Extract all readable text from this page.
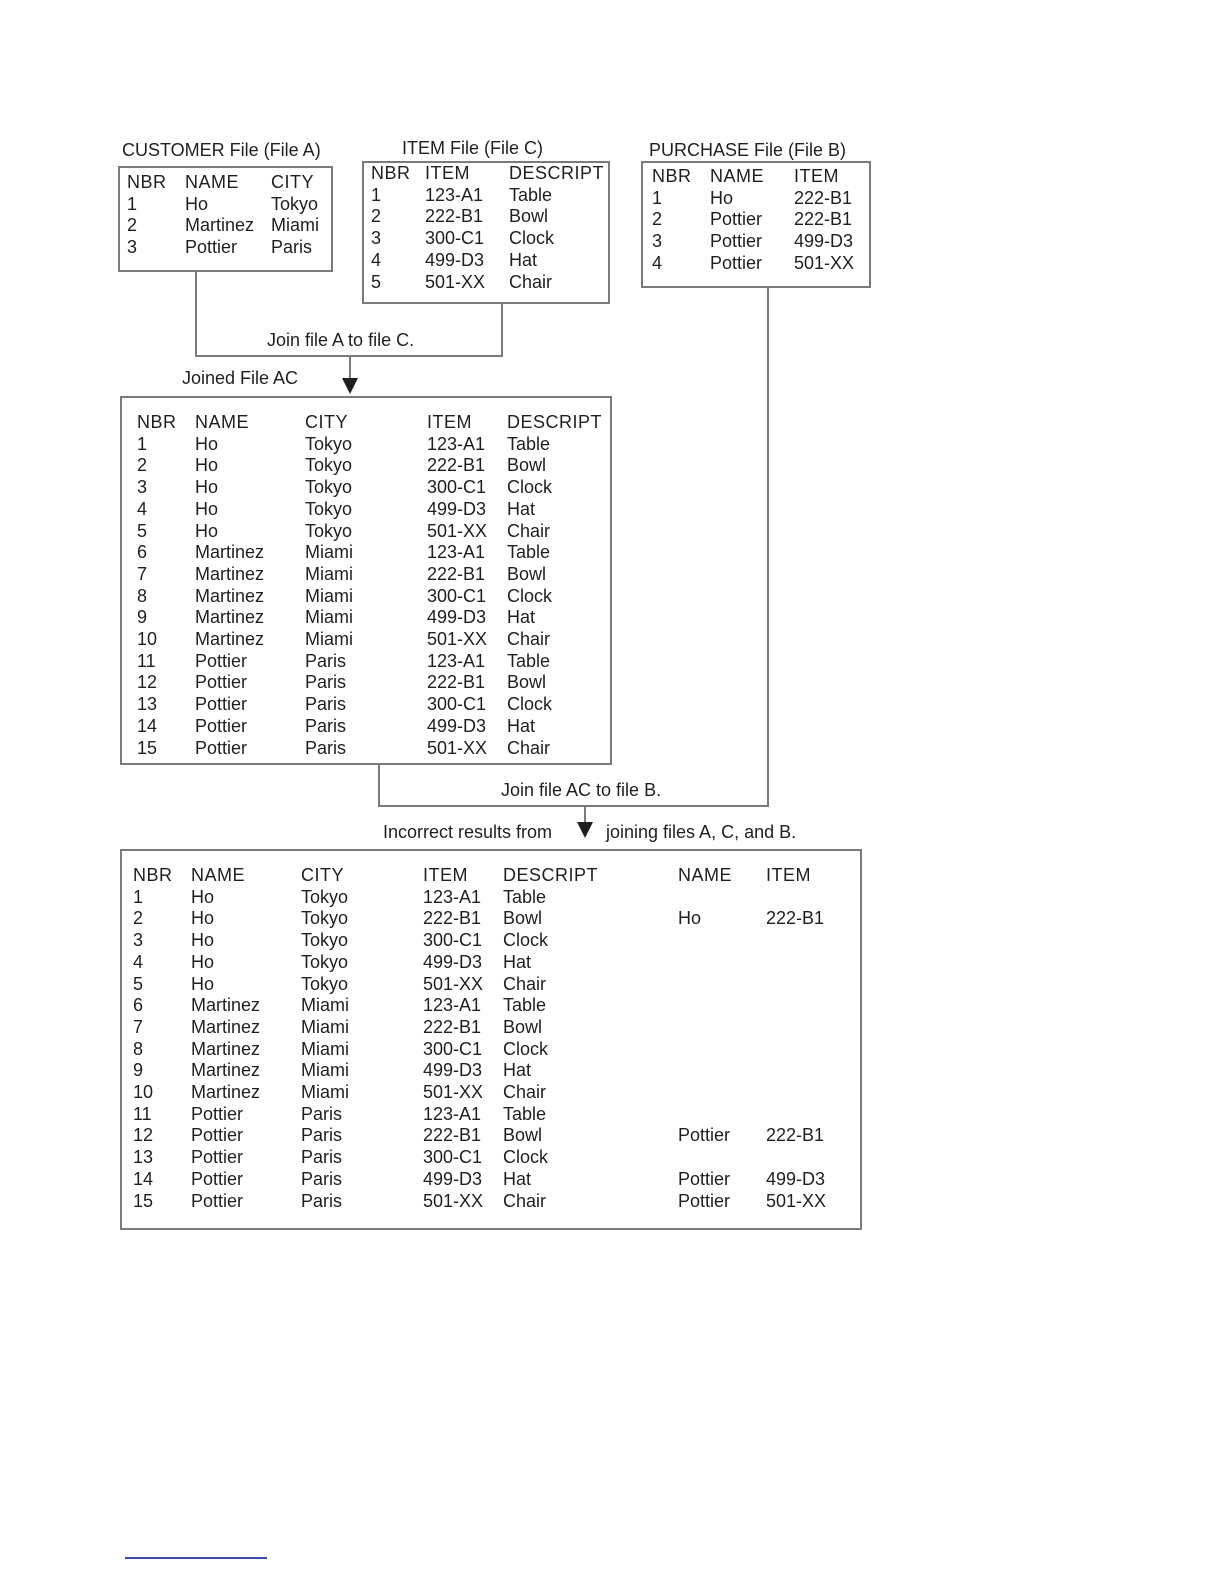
CUSTOMER File (File A)	ITEM File (File C)	PURCHASE File (File B)
NBR	NAME	CITY
1	Ho	Tokyo
2	Martinez	Miami
3	Pottier	Paris
NBR	ITEM	DESCRIPT
1	123-A1	Table
2	222-B1	Bowl
3	300-C1	Clock
4	499-D3	Hat
5	501-XX	Chair
NBR	NAME	ITEM
1	Ho	222-B1
2	Pottier	222-B1
3	Pottier	499-D3
4	Pottier	501-XX
Join file A to file C.
Joined File AC
NBR	NAME	CITY	ITEM	DESCRIPT
1	Ho	Tokyo	123-A1	Table
2	Ho	Tokyo	222-B1	Bowl
3	Ho	Tokyo	300-C1	Clock
4	Ho	Tokyo	499-D3	Hat
5	Ho	Tokyo	501-XX	Chair
6	Martinez	Miami	123-A1	Table
7	Martinez	Miami	222-B1	Bowl
8	Martinez	Miami	300-C1	Clock
9	Martinez	Miami	499-D3	Hat
10	Martinez	Miami	501-XX	Chair
11	Pottier	Paris	123-A1	Table
12	Pottier	Paris	222-B1	Bowl
13	Pottier	Paris	300-C1	Clock
14	Pottier	Paris	499-D3	Hat
15	Pottier	Paris	501-XX	Chair
Join file AC to file B.
Incorrect results from	joining files A, C, and B.
NBR	NAME	CITY	ITEM	DESCRIPT	NAME	ITEM
1	Ho	Tokyo	123-A1	Table		
2	Ho	Tokyo	222-B1	Bowl	Ho	222-B1
3	Ho	Tokyo	300-C1	Clock		
4	Ho	Tokyo	499-D3	Hat		
5	Ho	Tokyo	501-XX	Chair		
6	Martinez	Miami	123-A1	Table		
7	Martinez	Miami	222-B1	Bowl		
8	Martinez	Miami	300-C1	Clock		
9	Martinez	Miami	499-D3	Hat		
10	Martinez	Miami	501-XX	Chair		
11	Pottier	Paris	123-A1	Table		
12	Pottier	Paris	222-B1	Bowl	Pottier	222-B1
13	Pottier	Paris	300-C1	Clock		
14	Pottier	Paris	499-D3	Hat	Pottier	499-D3
15	Pottier	Paris	501-XX	Chair	Pottier	501-XX
